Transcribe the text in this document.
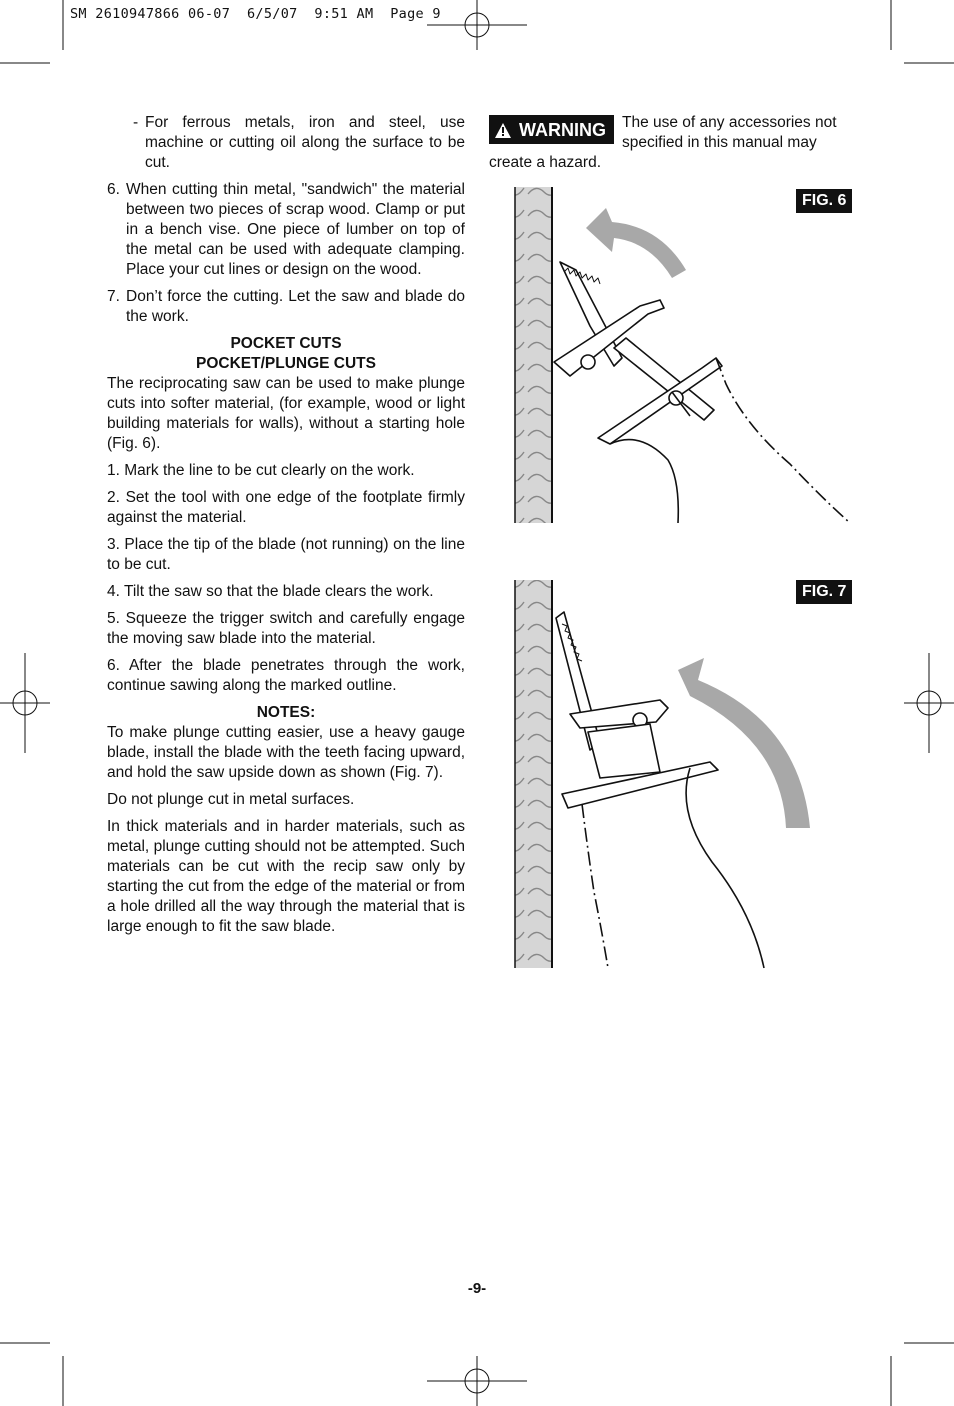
SM 2610947866 06-07  6/5/07  9:51 AM  Page 9
- For ferrous metals, iron and steel, use machine or cutting oil along the surface to be cut.

6. When cutting thin metal, "sandwich" the material between two pieces of scrap wood. Clamp or put in a bench vise. One piece of lumber on top of the metal can be used with adequate clamping. Place your cut lines or design on the wood.

7. Don’t force the cutting. Let the saw and blade do the work.

POCKET CUTS
POCKET/PLUNGE CUTS

The reciprocating saw can be used to make plunge cuts into softer material, (for example, wood or light building materials for walls), without a starting hole (Fig. 6).

1. Mark the line to be cut clearly on the work.

2. Set the tool with one edge of the footplate firmly against the material.

3. Place the tip of the blade (not running) on the line to be cut.

4. Tilt the saw so that the blade clears the work.

5. Squeeze the trigger switch and carefully engage the moving saw blade into the material.

6. After the blade penetrates through the work, continue sawing along the marked outline.

NOTES:

To make plunge cutting easier, use a heavy gauge blade, install the blade with the teeth facing upward, and hold the saw upside down as shown (Fig. 7).

Do not plunge cut in metal surfaces.

In thick materials and in harder materials, such as metal, plunge cutting should not be attempted. Such materials can be cut with the recip saw only by starting the cut from the edge of the material or from a hole drilled all the way through the material that is large enough to fit the saw blade.

WARNING The use of any accessories not specified in this manual may create a hazard.
FIG. 6
FIG. 7
-9-
